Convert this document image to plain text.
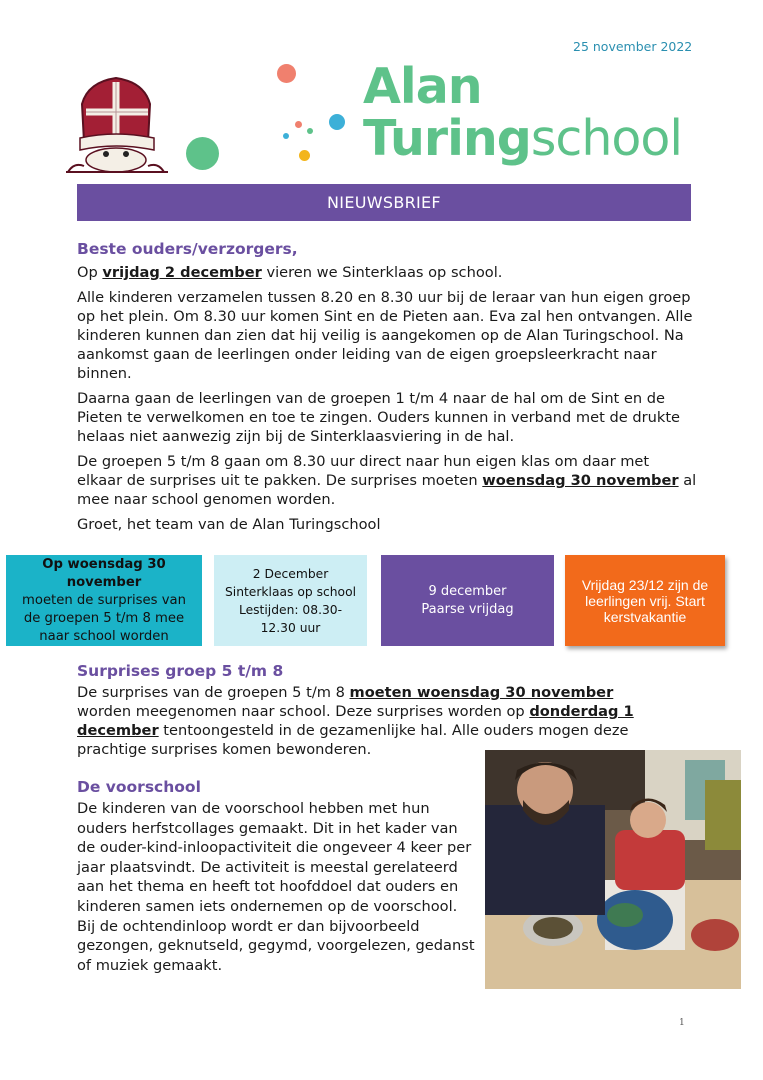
25 november 2022
Alan
Turingschool
NIEUWSBRIEF

Beste ouders/verzorgers,

Op vrijdag 2 december vieren we Sinterklaas op school.

Alle kinderen verzamelen tussen 8.20 en 8.30 uur bij de leraar van hun eigen groep op het plein. Om 8.30 uur komen Sint en de Pieten aan. Eva zal hen ontvangen. Alle kinderen kunnen dan zien dat hij veilig is aangekomen op de Alan Turingschool. Na aankomst gaan de leerlingen onder leiding van de eigen groepsleerkracht naar binnen.

Daarna gaan de leerlingen van de groepen 1 t/m 4 naar de hal om de Sint en de Pieten te verwelkomen en toe te zingen. Ouders kunnen in verband met de drukte helaas niet aanwezig zijn bij de Sinterklaasviering in de hal.

De groepen 5 t/m 8 gaan om 8.30 uur direct naar hun eigen klas om daar met elkaar de surprises uit te pakken. De surprises moeten woensdag 30 november al mee naar school genomen worden.

Groet, het team van de Alan Turingschool

Op woensdag 30 november
moeten de surprises van de groepen 5 t/m 8 mee naar school worden
2 December
Sinterklaas op school
Lestijden: 08.30-12.30 uur
9 december
Paarse vrijdag
Vrijdag 23/12 zijn de leerlingen vrij. Start kerstvakantie
Surprises groep 5 t/m 8
De surprises van de groepen 5 t/m 8 moeten woensdag 30 november worden meegenomen naar school. Deze surprises worden op donderdag 1 december tentoongesteld in de gezamenlijke hal. Alle ouders mogen deze prachtige surprises komen bewonderen.
De voorschool
De kinderen van de voorschool hebben met hun ouders herfstcollages gemaakt. Dit in het kader van de ouder-kind-inloopactiviteit die ongeveer 4 keer per jaar plaatsvindt. De activiteit is meestal gerelateerd aan het thema en heeft tot hoofddoel dat ouders en kinderen samen iets ondernemen op de voorschool. Bij de ochtendinloop wordt er dan bijvoorbeeld gezongen, geknutseld, gegymd, voorgelezen, gedanst of muziek gemaakt.
1
